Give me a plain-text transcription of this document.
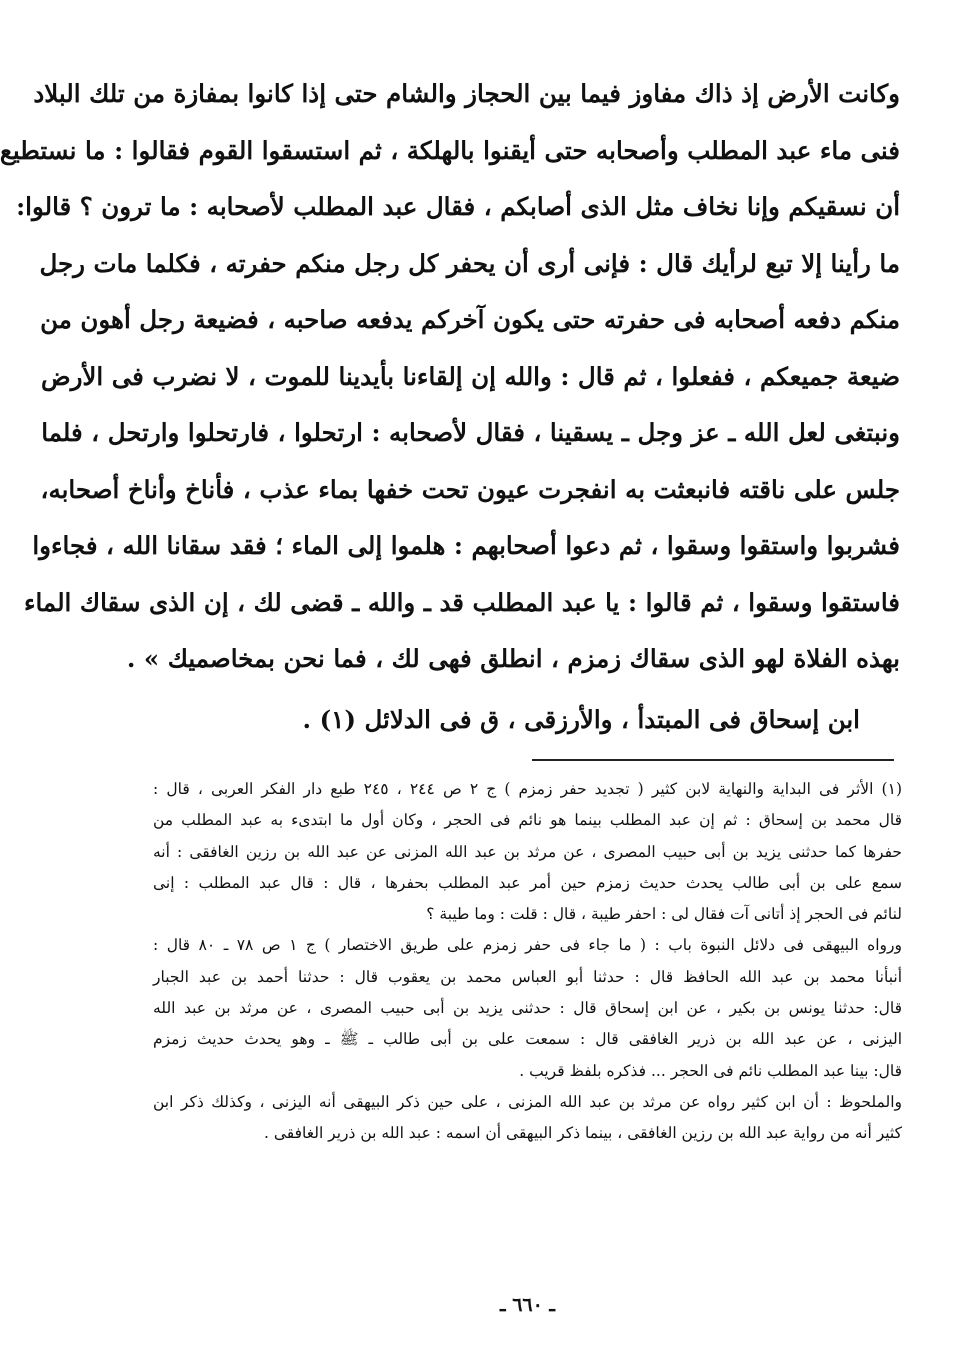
وكانت الأرض إذ ذاك مفاوز فيما بين الحجاز والشام حتى إذا كانوا بمفازة من تلك البلاد
فنى ماء عبد المطلب وأصحابه حتى أيقنوا بالهلكة ، ثم استسقوا القوم فقالوا : ما نستطيع
أن نسقيكم وإنا نخاف مثل الذى أصابكم ، فقال عبد المطلب لأصحابه : ما ترون ؟ قالوا:
ما رأينا إلا تبع لرأيك قال : فإنى أرى أن يحفر كل رجل منكم حفرته ، فكلما مات رجل
منكم دفعه أصحابه فى حفرته حتى يكون آخركم يدفعه صاحبه ، فضيعة رجل أهون من
ضيعة جميعكم ، ففعلوا ، ثم قال : والله إن إلقاءنا بأيدينا للموت ، لا نضرب فى الأرض
ونبتغى لعل الله ـ عز وجل ـ يسقينا ، فقال لأصحابه : ارتحلوا ، فارتحلوا وارتحل ، فلما
جلس على ناقته فانبعثت به انفجرت عيون تحت خفها بماء عذب ، فأناخ وأناخ أصحابه،
فشربوا واستقوا وسقوا ، ثم دعوا أصحابهم : هلموا إلى الماء ؛ فقد سقانا الله ، فجاءوا
فاستقوا وسقوا ، ثم قالوا : يا عبد المطلب قد ـ والله ـ قضى لك ، إن الذى سقاك الماء
بهذه الفلاة لهو الذى سقاك زمزم ، انطلق فهى لك ، فما نحن بمخاصميك » .
ابن إسحاق فى المبتدأ ، والأرزقى ، ق فى الدلائل (١) .
(١) الأثر فى البداية والنهاية لابن كثير ( تجديد حفر زمزم ) ج ٢ ص ٢٤٤ ، ٢٤٥ طبع دار الفكر العربى ، قال :
قال محمد بن إسحاق : ثم إن عبد المطلب بينما هو نائم فى الحجر ، وكان أول ما ابتدىء به عبد المطلب من
حفرها كما حدثنى يزيد بن أبى حبيب المصرى ، عن مرثد بن عبد الله المزنى عن عبد الله بن رزين الغافقى : أنه
سمع على بن أبى طالب يحدث حديث زمزم حين أمر عبد المطلب بحفرها ، قال : قال عبد المطلب : إنى
لنائم فى الحجر إذ أتانى آت فقال لى : احفر طيبة ، قال : قلت : وما طيبة ؟
ورواه البيهقى فى دلائل النبوة باب : ( ما جاء فى حفر زمزم على طريق الاختصار ) ج ١ ص ٧٨ ـ ٨٠ قال :
أنبأنا محمد بن عبد الله الحافظ قال : حدثنا أبو العباس محمد بن يعقوب قال : حدثنا أحمد بن عبد الجبار
قال: حدثنا يونس بن بكير ، عن ابن إسحاق قال : حدثنى يزيد بن أبى حبيب المصرى ، عن مرثد بن عبد الله
اليزنى ، عن عبد الله بن ذرير الغافقى قال : سمعت على بن أبى طالب ـ ﷺ ـ وهو يحدث حديث زمزم
قال: بينا عبد المطلب نائم فى الحجر ... فذكره بلفظ قريب .
والملحوظ : أن ابن كثير رواه عن مرثد بن عبد الله المزنى ، على حين ذكر البيهقى أنه اليزنى ، وكذلك ذكر ابن
كثير أنه من رواية عبد الله بن رزين الغافقى ، بينما ذكر البيهقى أن اسمه : عبد الله بن ذرير الغافقى .
ـ ٦٦٠ ـ
